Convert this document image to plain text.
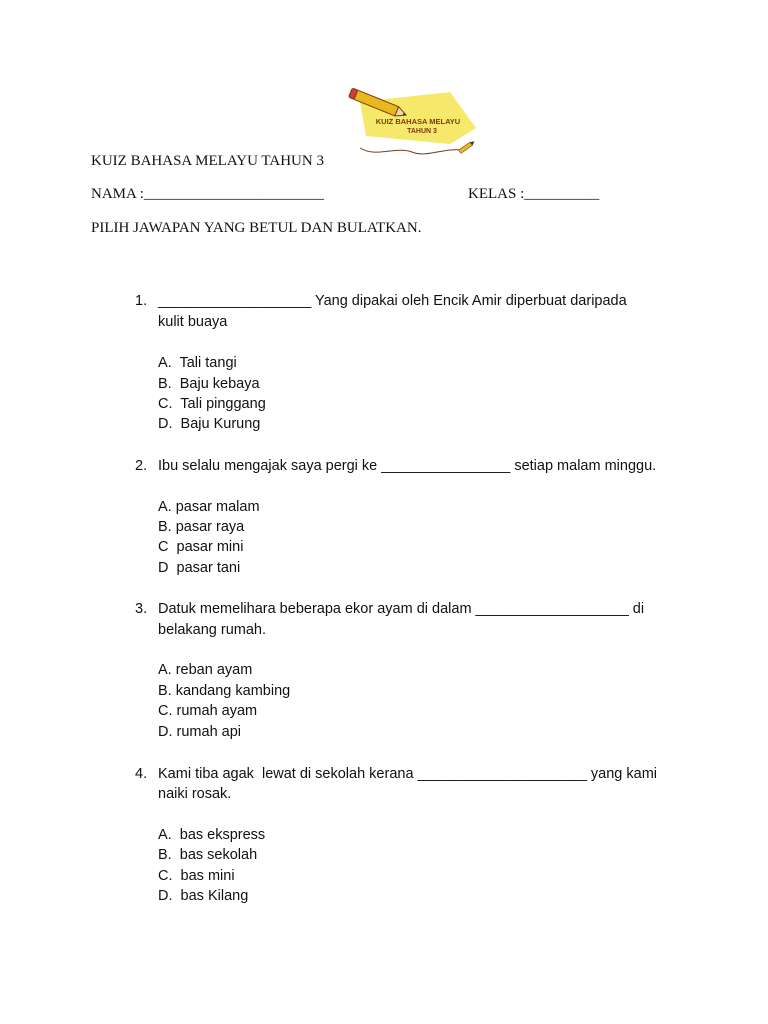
KUIZ BAHASA MELAYU
TAHUN 3
KUIZ BAHASA MELAYU TAHUN 3
NAMA :________________________	KELAS :__________
PILIH JAWAPAN YANG BETUL DAN BULATKAN.
1. ___________________ Yang dipakai oleh Encik Amir diperbuat daripada
kulit buaya
A.  Tali tangi
B.  Baju kebaya
C.  Tali pinggang
D.  Baju Kurung
2. Ibu selalu mengajak saya pergi ke ________________ setiap malam minggu.
A. pasar malam
B. pasar raya
C  pasar mini
D  pasar tani
3. Datuk memelihara beberapa ekor ayam di dalam ___________________ di
belakang rumah.
A. reban ayam
B. kandang kambing
C. rumah ayam
D. rumah api
4. Kami tiba agak  lewat di sekolah kerana _____________________ yang kami
naiki rosak.
A.  bas ekspress
B.  bas sekolah
C.  bas mini
D.  bas Kilang
